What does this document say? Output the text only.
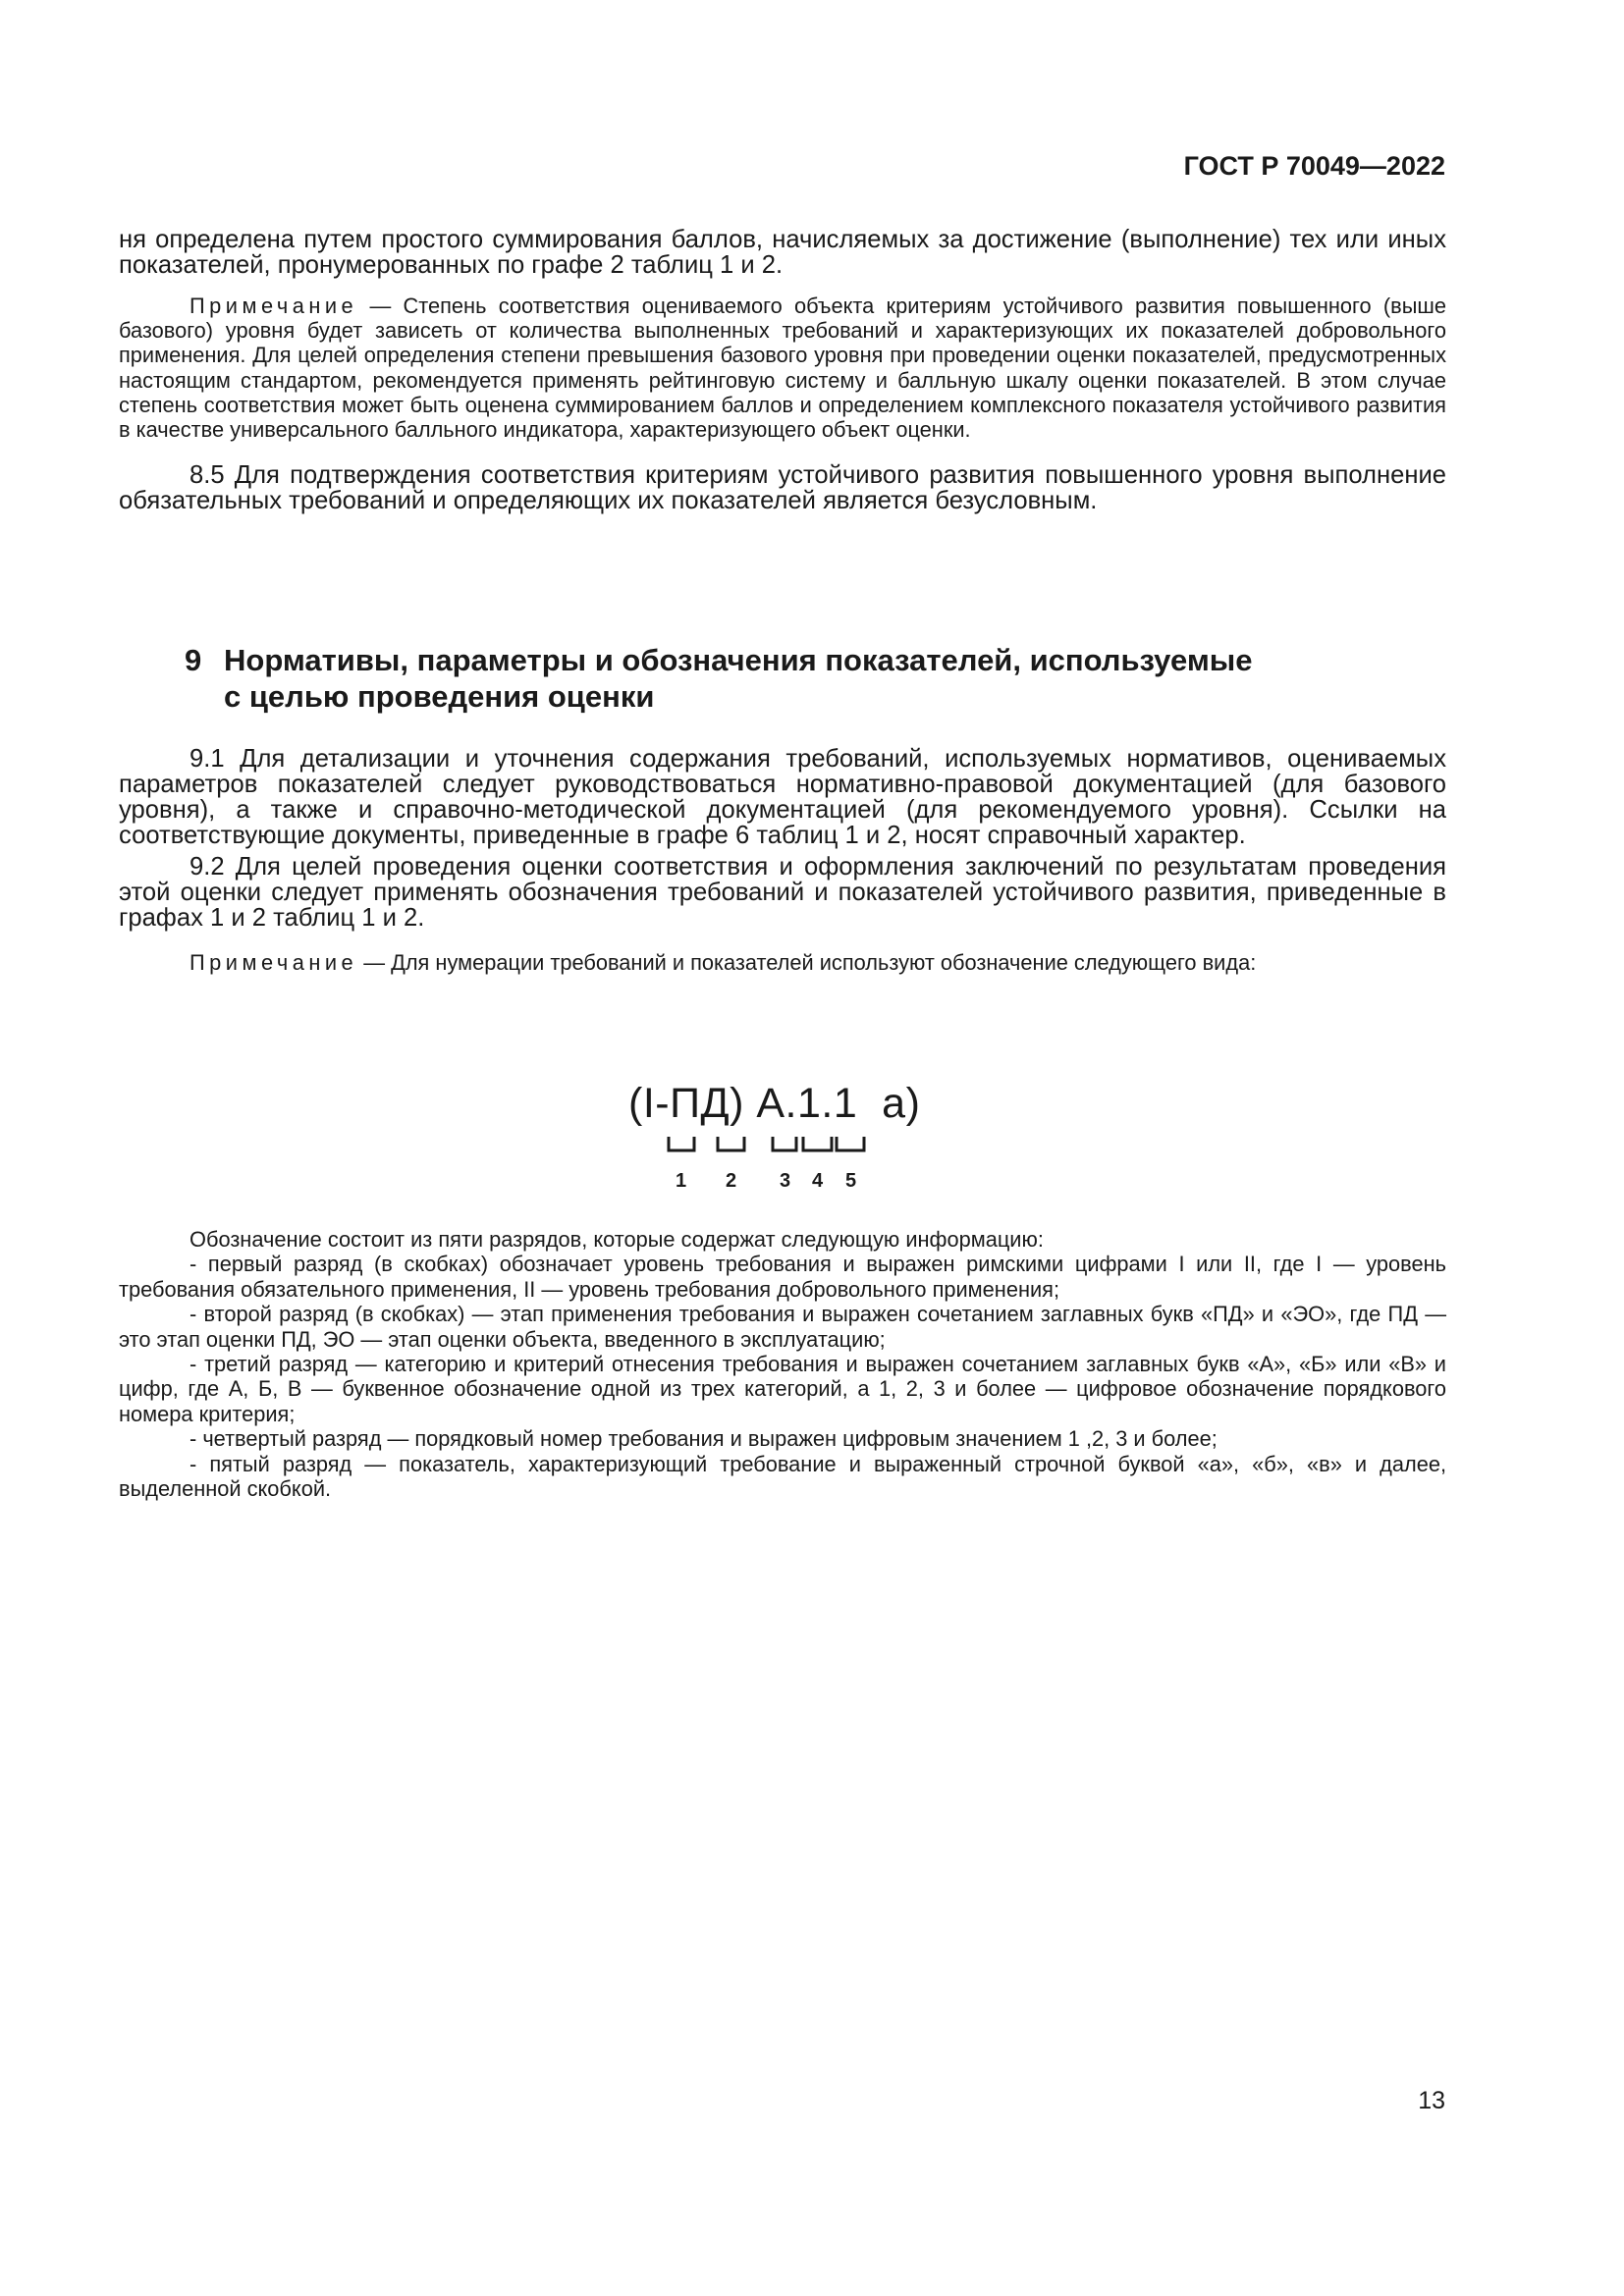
ГОСТ Р 70049—2022

ня определена путем простого суммирования баллов, начисляемых за достижение (выполнение) тех или иных показателей, пронумерованных по графе 2 таблиц 1 и 2.

Примечание — Степень соответствия оцениваемого объекта критериям устойчивого развития повышенного (выше базового) уровня будет зависеть от количества выполненных требований и характеризующих их показателей добровольного применения. Для целей определения степени превышения базового уровня при проведении оценки показателей, предусмотренных настоящим стандартом, рекомендуется применять рейтинговую систему и балльную шкалу оценки показателей. В этом случае степень соответствия может быть оценена суммированием баллов и определением комплексного показателя устойчивого развития в качестве универсального балльного индикатора, характеризующего объект оценки.

8.5 Для подтверждения соответствия критериям устойчивого развития повышенного уровня выполнение обязательных требований и определяющих их показателей является безусловным.

9 Нормативы, параметры и обозначения показателей, используемые
с целью проведения оценки

9.1 Для детализации и уточнения содержания требований, используемых нормативов, оцениваемых параметров показателей следует руководствоваться нормативно-правовой документацией (для базового уровня), а также и справочно-методической документацией (для рекомендуемого уровня). Ссылки на соответствующие документы, приведенные в графе 6 таблиц 1 и 2, носят справочный характер.

9.2 Для целей проведения оценки соответствия и оформления заключений по результатам проведения этой оценки следует применять обозначения требований и показателей устойчивого развития, приведенные в графах 1 и 2 таблиц 1 и 2.

Примечание — Для нумерации требований и показателей используют обозначение следующего вида:

(I-ПД) А.1.1  а)
1 2 3 4 5

Обозначение состоит из пяти разрядов, которые содержат следующую информацию:

- первый разряд (в скобках) обозначает уровень требования и выражен римскими цифрами I или II, где I — уровень требования обязательного применения, II — уровень требования добровольного применения;

- второй разряд (в скобках) — этап применения требования и выражен сочетанием заглавных букв «ПД» и «ЭО», где ПД — это этап оценки ПД, ЭО — этап оценки объекта, введенного в эксплуатацию;

- третий разряд — категорию и критерий отнесения требования и выражен сочетанием заглавных букв «А», «Б» или «В» и цифр, где А, Б, В — буквенное обозначение одной из трех категорий, а 1, 2, 3 и более — цифровое обозначение порядкового номера критерия;

- четвертый разряд — порядковый номер требования и выражен цифровым значением 1 ,2, 3 и более;

- пятый разряд — показатель, характеризующий требование и выраженный строчной буквой «а», «б», «в» и далее, выделенной скобкой.

13
